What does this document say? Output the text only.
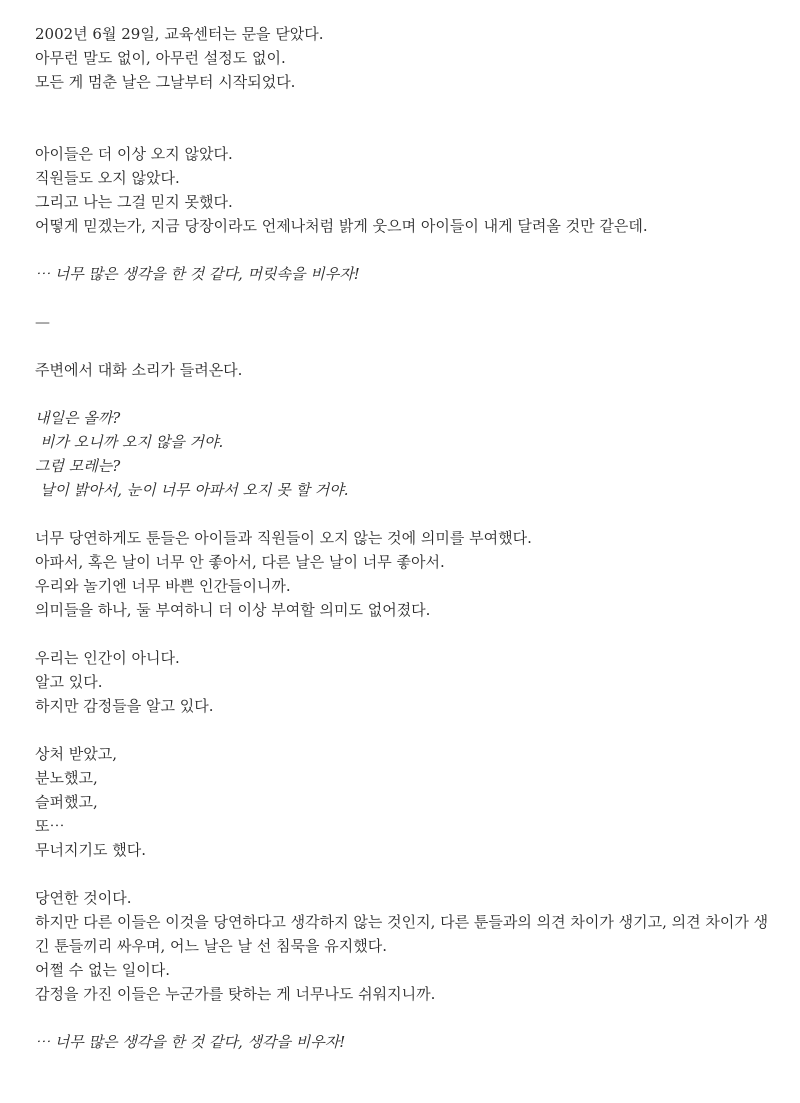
2002년 6월 29일, 교육센터는 문을 닫았다.
아무런 말도 없이, 아무런 설정도 없이.
모든 게 멈춘 날은 그날부터 시작되었다.
아이들은 더 이상 오지 않았다.
직원들도 오지 않았다.
그리고 나는 그걸 믿지 못했다.
어떻게 믿겠는가, 지금 당장이라도 언제나처럼 밝게 웃으며 아이들이 내게 달려올 것만 같은데.
⋯ 너무 많은 생각을 한 것 같다, 머릿속을 비우자!
—
주변에서 대화 소리가 들려온다.
내일은 올까?
비가 오니까 오지 않을 거야.
그럼 모레는?
날이 밝아서, 눈이 너무 아파서 오지 못 할 거야.
너무 당연하게도 툰들은 아이들과 직원들이 오지 않는 것에 의미를 부여했다.
아파서, 혹은 날이 너무 안 좋아서, 다른 날은 날이 너무 좋아서.
우리와 놀기엔 너무 바쁜 인간들이니까.
의미들을 하나, 둘 부여하니 더 이상 부여할 의미도 없어졌다.
우리는 인간이 아니다.
알고 있다.
하지만 감정들을 알고 있다.
상처 받았고,
분노했고,
슬퍼했고,
또⋯
무너지기도 했다.
당연한 것이다.
하지만 다른 이들은 이것을 당연하다고 생각하지 않는 것인지, 다른 툰들과의 의견 차이가 생기고, 의견 차이가 생긴 툰들끼리 싸우며, 어느 날은 날 선 침묵을 유지했다.
어쩔 수 없는 일이다.
감정을 가진 이들은 누군가를 탓하는 게 너무나도 쉬워지니까.
⋯ 너무 많은 생각을 한 것 같다, 생각을 비우자!
